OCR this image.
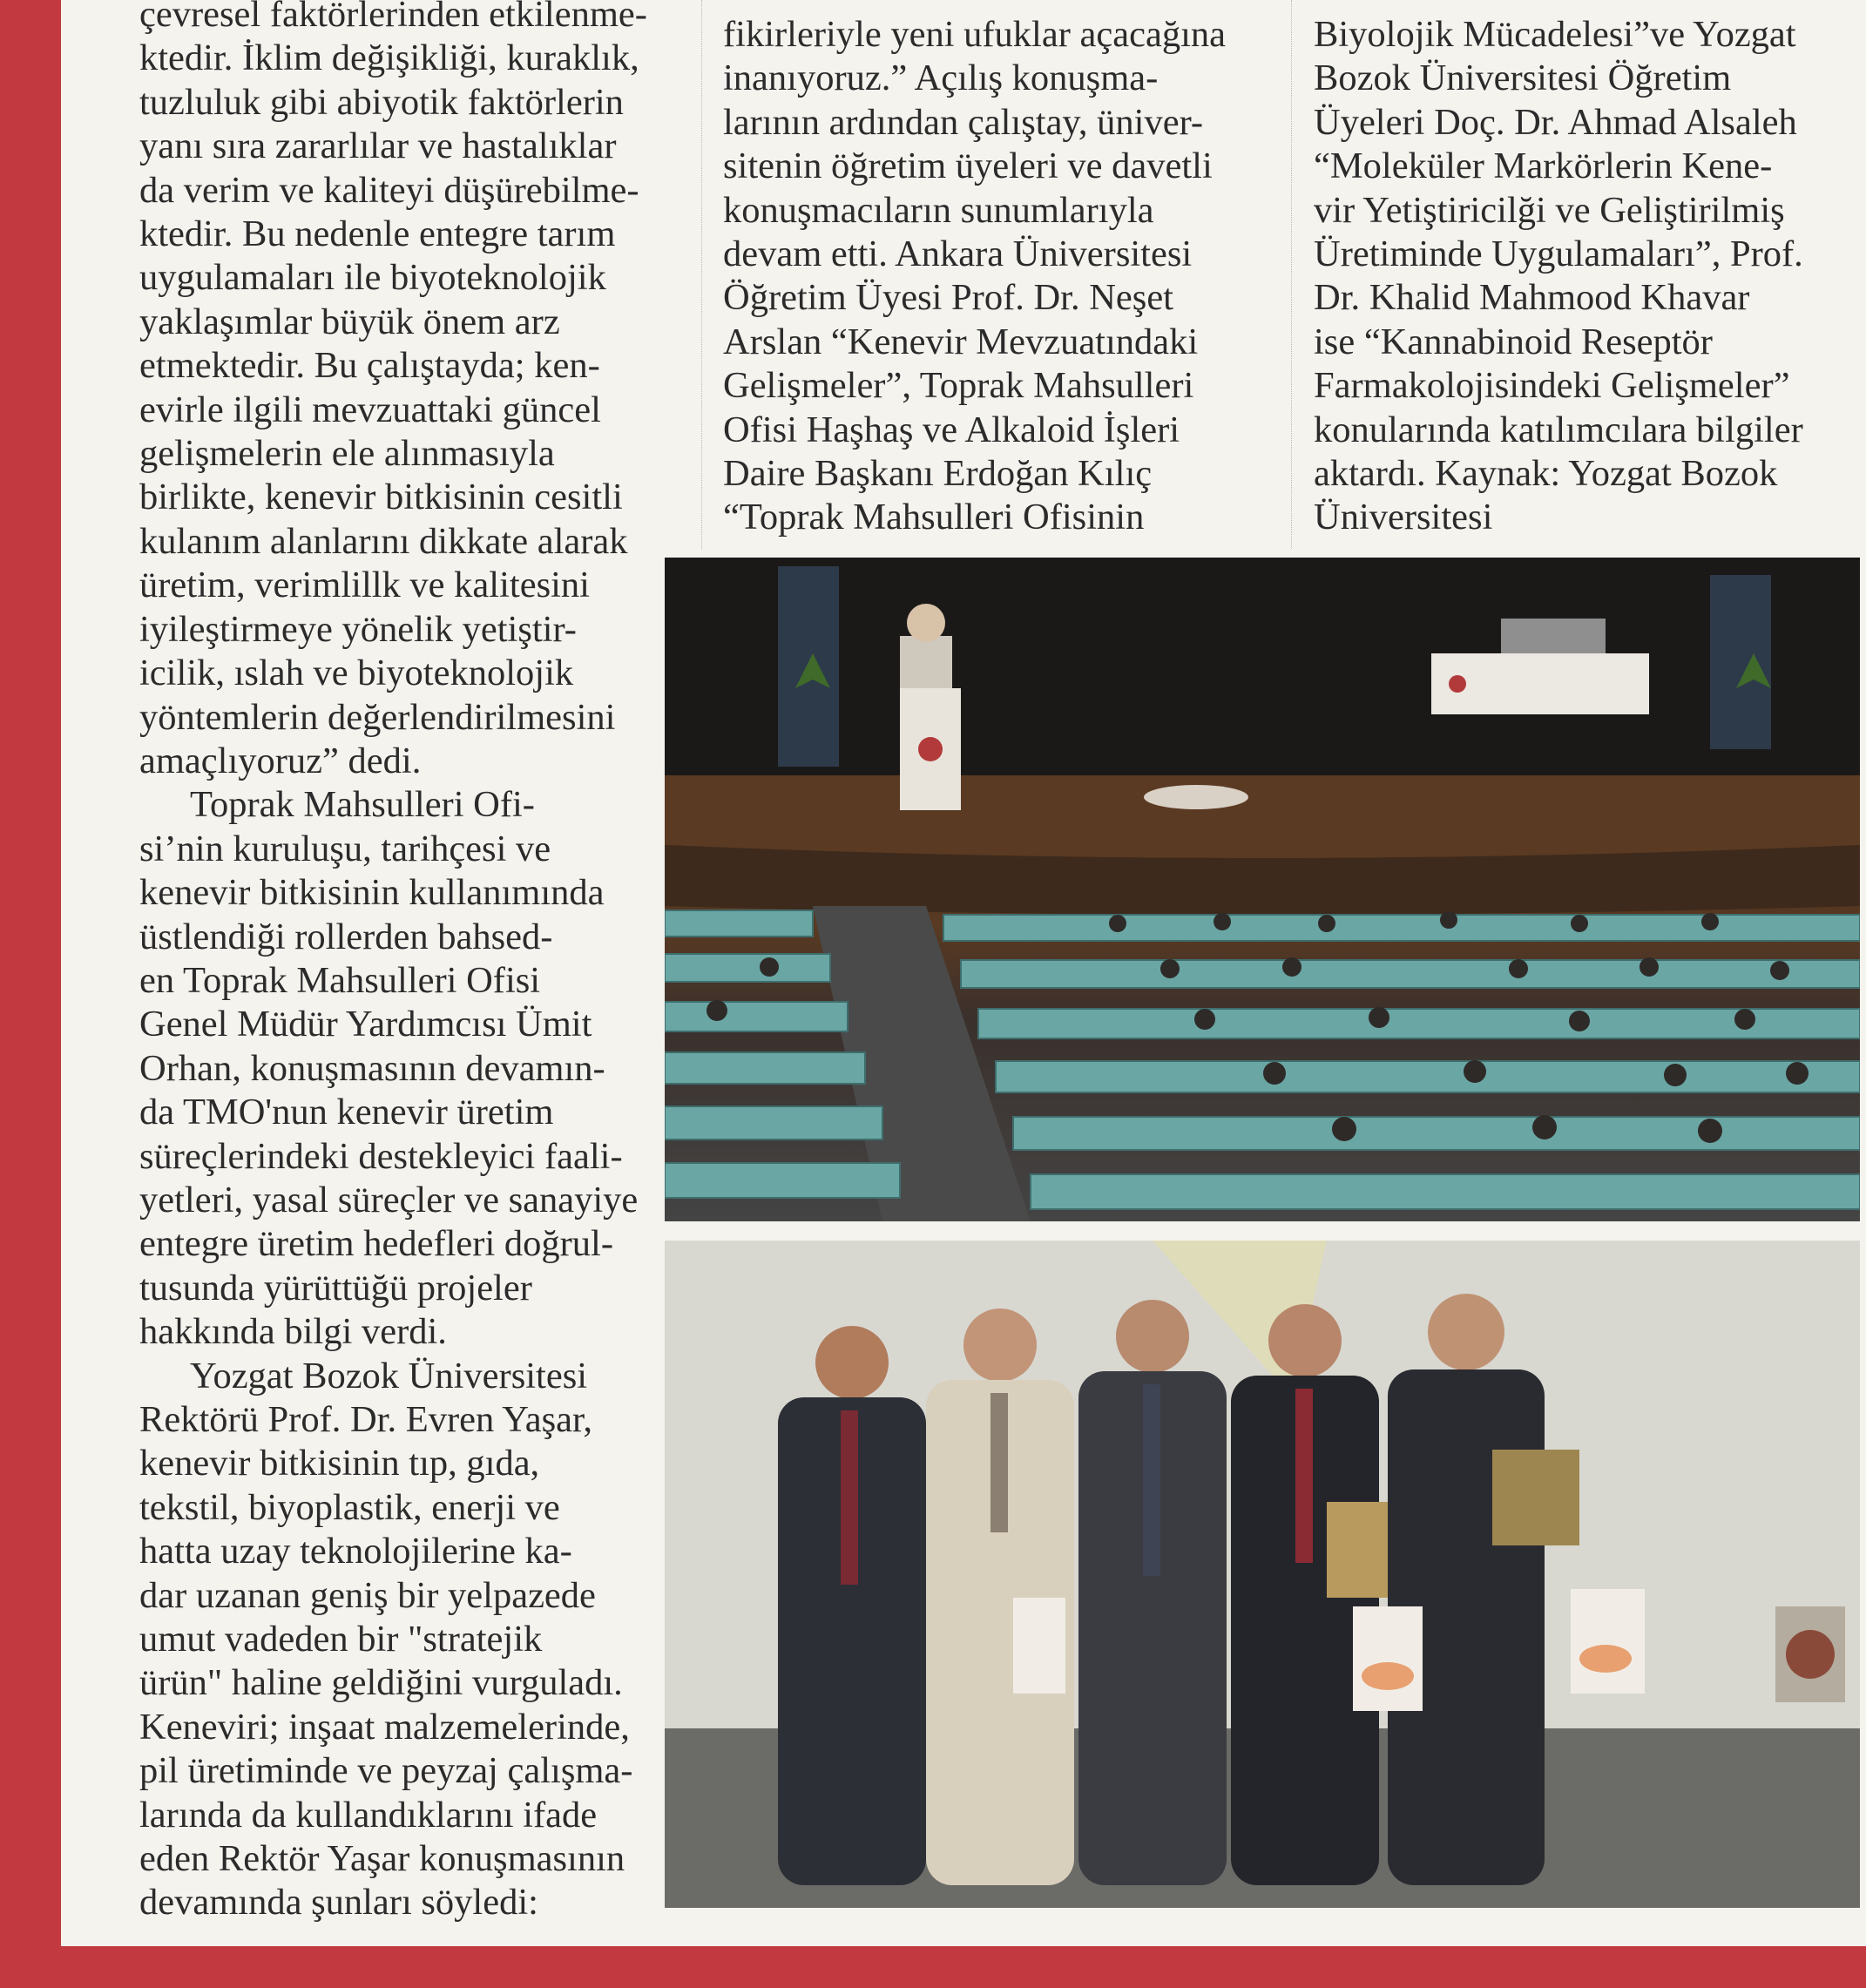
çevresel faktörlerinden etkilenme-
ktedir. İklim değişikliği, kuraklık,
tuzluluk gibi abiyotik faktörlerin
yanı sıra zararlılar ve hastalıklar
da verim ve kaliteyi düşürebilme-
ktedir. Bu nedenle entegre tarım
uygulamaları ile biyoteknolojik
yaklaşımlar büyük önem arz
etmektedir. Bu çalıştayda; ken-
evirle ilgili mevzuattaki güncel
gelişmelerin ele alınmasıyla
birlikte, kenevir bitkisinin cesitli
kulanım alanlarını dikkate alarak
üretim, verimlillk ve kalitesini
iyileştirmeye yönelik yetiştir-
icilik, ıslah ve biyoteknolojik
yöntemlerin değerlendirilmesini
amaçlıyoruz” dedi.
Toprak Mahsulleri Ofi-
si’nin kuruluşu, tarihçesi ve
kenevir bitkisinin kullanımında
üstlendiği rollerden bahsed-
en Toprak Mahsulleri Ofisi
Genel Müdür Yardımcısı Ümit
Orhan, konuşmasının devamın-
da TMO'nun kenevir üretim
süreçlerindeki destekleyici faali-
yetleri, yasal süreçler ve sanayiye
entegre üretim hedefleri doğrul-
tusunda yürüttüğü projeler
hakkında bilgi verdi.
Yozgat Bozok Üniversitesi
Rektörü Prof. Dr. Evren Yaşar,
kenevir bitkisinin tıp, gıda,
tekstil, biyoplastik, enerji ve
hatta uzay teknolojilerine ka-
dar uzanan geniş bir yelpazede
umut vadeden bir "stratejik
ürün" haline geldiğini vurguladı.
Keneviri; inşaat malzemelerinde,
pil üretiminde ve peyzaj çalışma-
larında da kullandıklarını ifade
eden Rektör Yaşar konuşmasının
devamında şunları söyledi:
fikirleriyle yeni ufuklar açacağına
inanıyoruz.” Açılış konuşma-
larının ardından çalıştay, üniver-
sitenin öğretim üyeleri ve davetli
konuşmacıların sunumlarıyla
devam etti. Ankara Üniversitesi
Öğretim Üyesi Prof. Dr. Neşet
Arslan “Kenevir Mevzuatındaki
Gelişmeler”, Toprak Mahsulleri
Ofisi Haşhaş ve Alkaloid İşleri
Daire Başkanı Erdoğan Kılıç
“Toprak Mahsulleri Ofisinin
Biyolojik Mücadelesi”ve Yozgat
Bozok Üniversitesi Öğretim
Üyeleri Doç. Dr. Ahmad Alsaleh
“Moleküler Markörlerin Kene-
vir Yetiştiricilği ve Geliştirilmiş
Üretiminde Uygulamaları”, Prof.
Dr. Khalid Mahmood Khavar
ise “Kannabinoid Reseptör
Farmakolojisindeki Gelişmeler”
konularında katılımcılara bilgiler
aktardı. Kaynak: Yozgat Bozok
Üniversitesi
